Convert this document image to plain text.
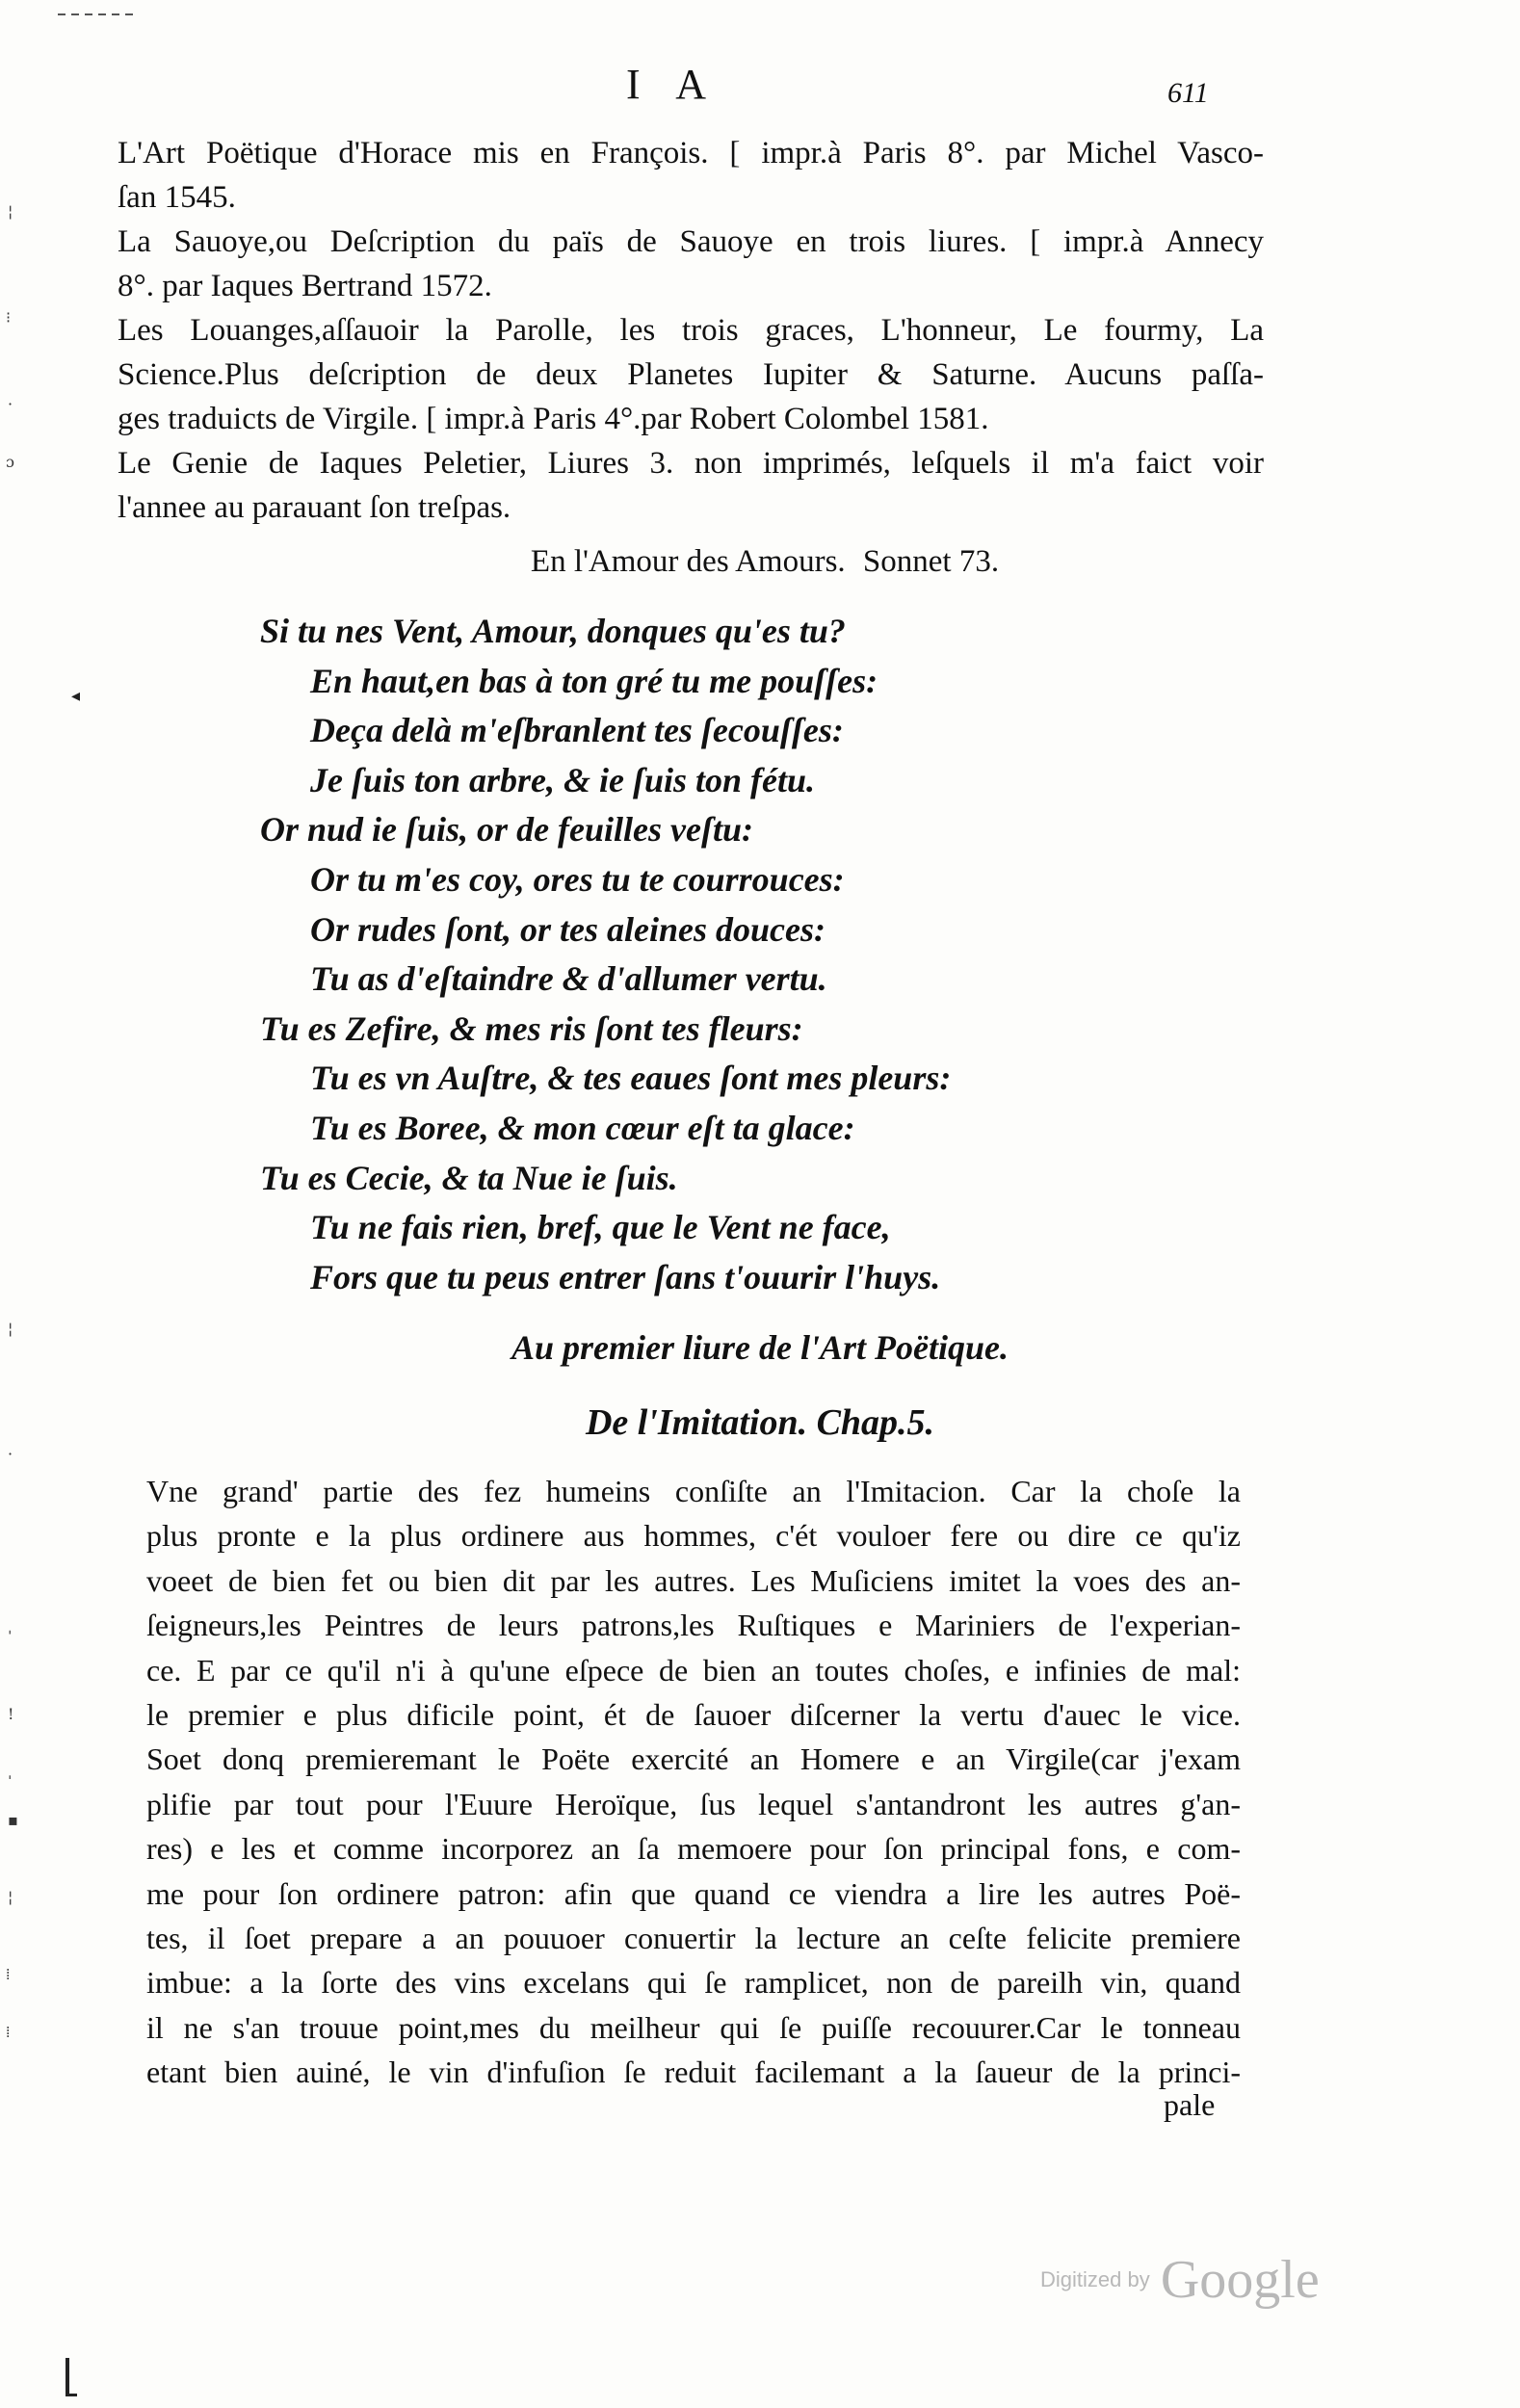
I A	611
L'Art Poëtique d'Horace mis en François. [ impr.à Paris 8°. par Michel Vasco-
ſan 1545.
La Sauoye,ou Deſcription du païs de Sauoye en trois liures. [ impr.à Annecy
8°. par Iaques Bertrand 1572.
Les Louanges,aſſauoir la Parolle, les trois graces, L'honneur, Le fourmy, La
Science.Plus deſcription de deux Planetes Iupiter & Saturne. Aucuns paſſa-
ges traduicts de Virgile. [ impr.à Paris 4°.par Robert Colombel 1581.
Le Genie de Iaques Peletier, Liures 3. non imprimés, leſquels il m'a faict voir
l'annee au parauant ſon treſpas.
En l'Amour des Amours. Sonnet 73.
◂
Si tu nes Vent, Amour, donques qu'es tu?
En haut,en bas à ton gré tu me pouſſes:
Deça delà m'eſbranlent tes ſecouſſes:
Je ſuis ton arbre, & ie ſuis ton fétu.
Or nud ie ſuis, or de feuilles veſtu:
Or tu m'es coy, ores tu te courrouces:
Or rudes ſont, or tes aleines douces:
Tu as d'eſtaindre & d'allumer vertu.
Tu es Zefire, & mes ris ſont tes fleurs:
Tu es vn Auſtre, & tes eaues ſont mes pleurs:
Tu es Boree, & mon cœur eſt ta glace:
Tu es Cecie, & ta Nue ie ſuis.
Tu ne fais rien, bref, que le Vent ne face,
Fors que tu peus entrer ſans t'ouurir l'huys.
Au premier liure de l'Art Poëtique.
De l'Imitation. Chap.5.
Vne grand' partie des fez humeins conſiſte an l'Imitacion. Car la choſe la
plus pronte e la plus ordinere aus hommes, c'ét vouloer fere ou dire ce qu'iz
voeet de bien fet ou bien dit par les autres. Les Muſiciens imitet la voes des an-
ſeigneurs,les Peintres de leurs patrons,les Ruſtiques e Mariniers de l'experian-
ce. E par ce qu'il n'i à qu'une eſpece de bien an toutes choſes, e infinies de mal:
le premier e plus dificile point, ét de ſauoer diſcerner la vertu d'auec le vice.
Soet donq premieremant le Poëte exercité an Homere e an Virgile(car j'exam
plifie par tout pour l'Euure Heroïque, ſus lequel s'antandront les autres g'an-
res) e les et comme incorporez an ſa memoere pour ſon principal fons, e com-
me pour ſon ordinere patron: afin que quand ce viendra a lire les autres Poë-
tes, il ſoet prepare a an pouuoer conuertir la lecture an ceſte felicite premiere
imbue: a la ſorte des vins excelans qui ſe ramplicet, non de pareilh vin, quand
il ne s'an trouue point,mes du meilheur qui ſe puiſſe recouurer.Car le tonneau
etant bien auiné, le vin d'infuſion ſe reduit facilemant a la ſaueur de la princi-
pale
¦
⁝
·
ɔ
¦
·
ˈ
!
ˌ
▪
¦
⁞
⁞
Digitized by Google
